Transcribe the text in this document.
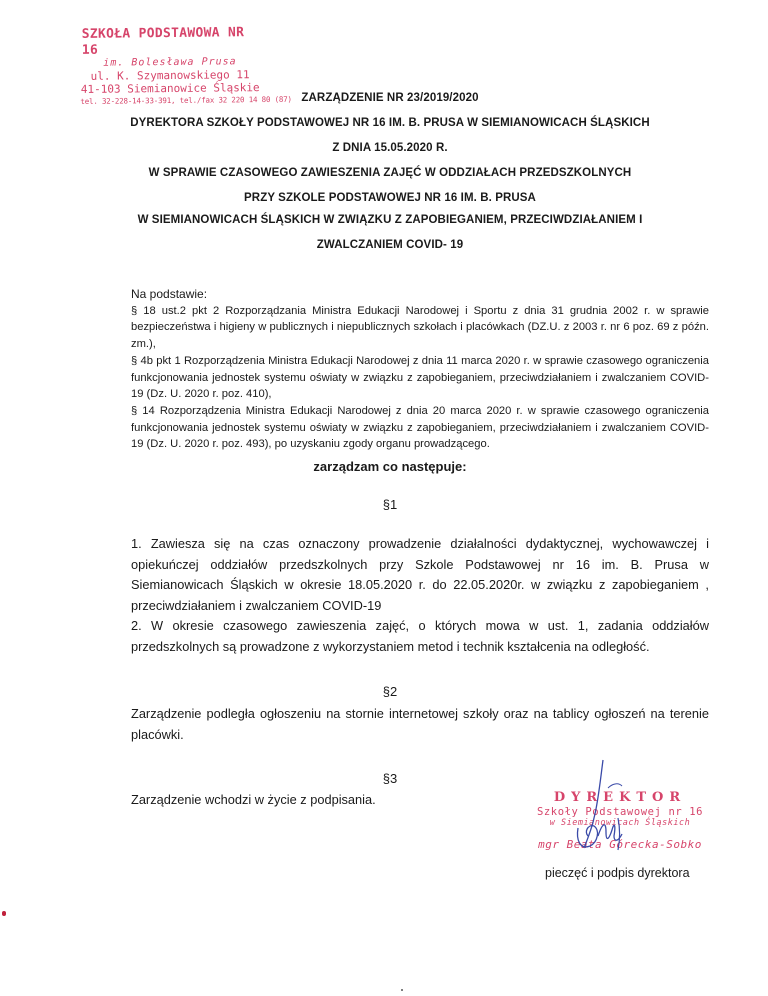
SZKOŁA PODSTAWOWA NR 16
im. Bolesława Prusa
ul. K. Szymanowskiego 11
41-103 Siemianowice Śląskie
tel. 32-228-14-33-391, tel./fax 32 220 14 80 (87) ZARZĄDZENIE NR 23/2019/2020
DYREKTORA SZKOŁY PODSTAWOWEJ NR 16 IM. B. PRUSA W SIEMIANOWICACH ŚLĄSKICH
Z DNIA 15.05.2020 R.
W SPRAWIE CZASOWEGO ZAWIESZENIA ZAJĘĆ W ODDZIAŁACH PRZEDSZKOLNYCH
PRZY SZKOLE PODSTAWOWEJ NR 16 IM. B. PRUSA
W SIEMIANOWICACH ŚLĄSKICH W ZWIĄZKU Z ZAPOBIEGANIEM, PRZECIWDZIAŁANIEM I
ZWALCZANIEM COVID- 19

Na podstawie:

§ 18 ust.2 pkt 2 Rozporządzania Ministra Edukacji Narodowej i Sportu z dnia 31 grudnia 2002 r. w sprawie bezpieczeństwa i higieny w publicznych i niepublicznych szkołach i placówkach (DZ.U. z 2003 r. nr 6 poz. 69 z późn. zm.),

§ 4b pkt 1 Rozporządzenia Ministra Edukacji Narodowej z dnia 11 marca 2020 r. w sprawie czasowego ograniczenia funkcjonowania jednostek systemu oświaty w związku z zapobieganiem, przeciwdziałaniem i zwalczaniem COVID-19 (Dz. U. 2020 r. poz. 410),

§ 14 Rozporządzenia Ministra Edukacji Narodowej z dnia 20 marca 2020 r. w sprawie czasowego ograniczenia funkcjonowania jednostek systemu oświaty w związku z zapobieganiem, przeciwdziałaniem i zwalczaniem COVID-19 (Dz. U. 2020 r. poz. 493), po uzyskaniu zgody organu prowadzącego.

zarządzam co następuje:
§1

1. Zawiesza się na czas oznaczony prowadzenie działalności dydaktycznej, wychowawczej i opiekuńczej oddziałów przedszkolnych przy Szkole Podstawowej nr 16 im. B. Prusa w Siemianowicach Śląskich w okresie 18.05.2020 r. do 22.05.2020r. w związku z zapobieganiem , przeciwdziałaniem i zwalczaniem COVID-19

2. W okresie czasowego zawieszenia zajęć, o których mowa w ust. 1, zadania oddziałów przedszkolnych są prowadzone z wykorzystaniem metod i technik kształcenia na odległość.

§2

Zarządzenie podległa ogłoszeniu na stornie internetowej szkoły oraz na tablicy ogłoszeń na terenie placówki.

§3

Zarządzenie wchodzi w życie z podpisania.	DYREKTOR
Szkoły Podstawowej nr 16
w Siemianowicach Śląskich
mgr Beata Górecka-Sobko
pieczęć i podpis dyrektora
